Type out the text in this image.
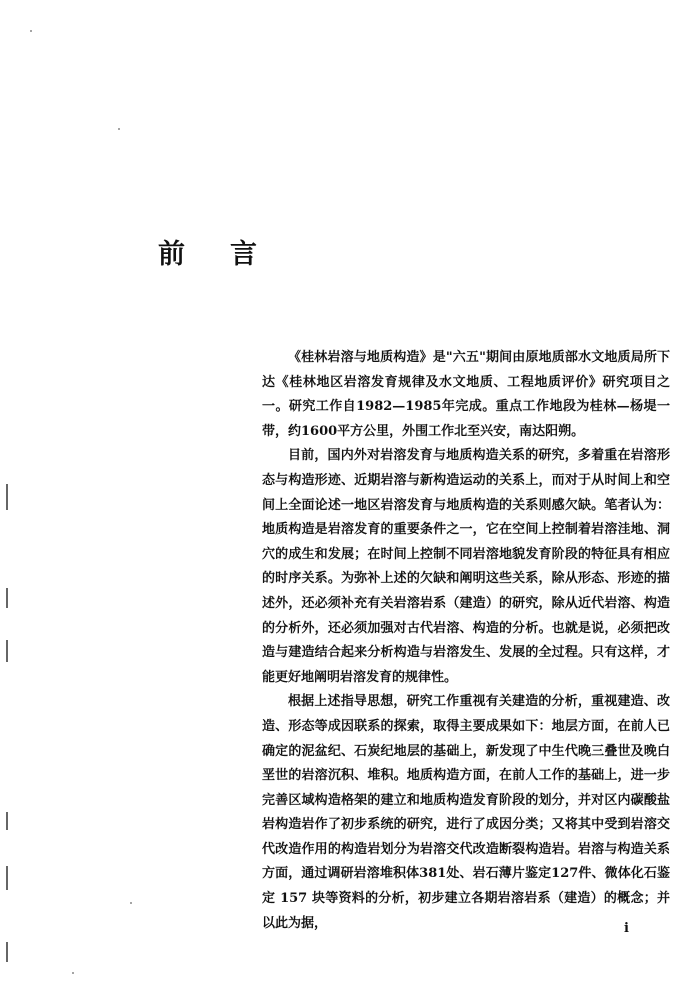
前 言

《桂林岩溶与地质构造》是"六五"期间由原地质部水文地质局所下达《桂林地区岩溶发育规律及水文地质、工程地质评价》研究项目之一。研究工作自1982—1985年完成。重点工作地段为桂林—杨堤一带，约1600平方公里，外围工作北至兴安，南达阳朔。

目前，国内外对岩溶发育与地质构造关系的研究，多着重在岩溶形态与构造形迹、近期岩溶与新构造运动的关系上，而对于从时间上和空间上全面论述一地区岩溶发育与地质构造的关系则感欠缺。笔者认为：地质构造是岩溶发育的重要条件之一，它在空间上控制着岩溶洼地、洞穴的成生和发展；在时间上控制不同岩溶地貌发育阶段的特征具有相应的时序关系。为弥补上述的欠缺和阐明这些关系，除从形态、形迹的描述外，还必须补充有关岩溶岩系（建造）的研究，除从近代岩溶、构造的分析外，还必须加强对古代岩溶、构造的分析。也就是说，必须把改造与建造结合起来分析构造与岩溶发生、发展的全过程。只有这样，才能更好地阐明岩溶发育的规律性。

根据上述指导思想，研究工作重视有关建造的分析，重视建造、改造、形态等成因联系的探索，取得主要成果如下：地层方面，在前人已确定的泥盆纪、石炭纪地层的基础上，新发现了中生代晚三叠世及晚白垩世的岩溶沉积、堆积。地质构造方面，在前人工作的基础上，进一步完善区域构造格架的建立和地质构造发育阶段的划分，并对区内碳酸盐岩构造岩作了初步系统的研究，进行了成因分类；又将其中受到岩溶交代改造作用的构造岩划分为岩溶交代改造断裂构造岩。岩溶与构造关系方面，通过调研岩溶堆积体381处、岩石薄片鉴定127件、微体化石鉴定 157 块等资料的分析，初步建立各期岩溶岩系（建造）的概念；并以此为据，	i
